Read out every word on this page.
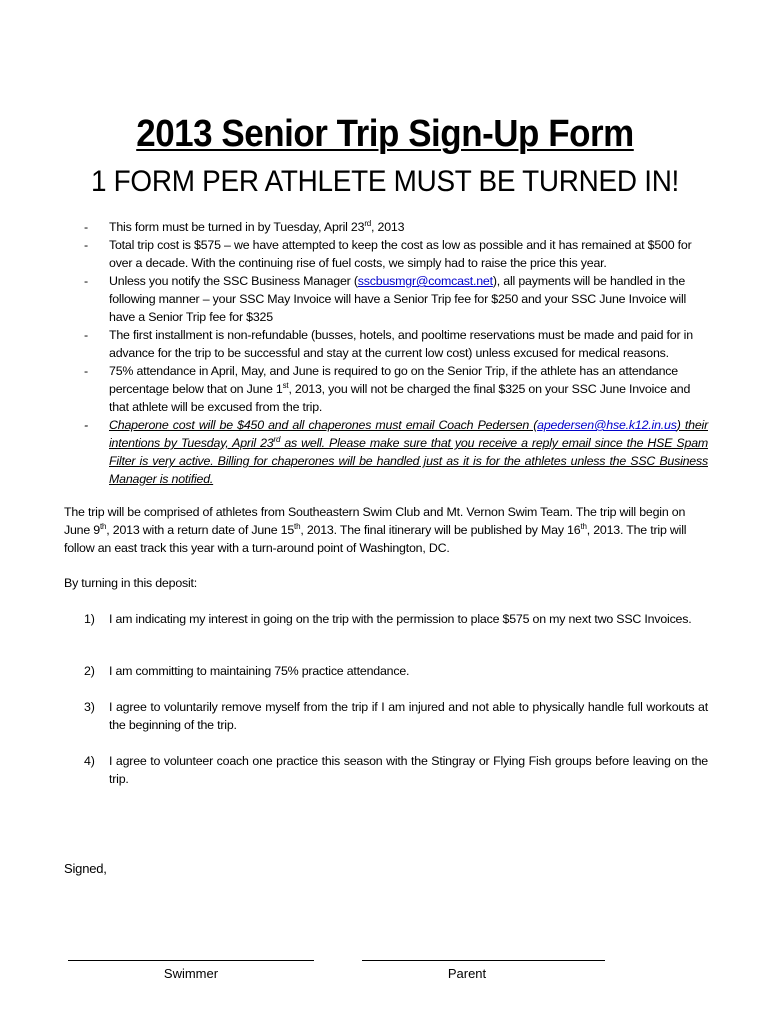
2013 Senior Trip Sign-Up Form
1 FORM PER ATHLETE MUST BE TURNED IN!
- This form must be turned in by Tuesday, April 23rd, 2013
- Total trip cost is $575 – we have attempted to keep the cost as low as possible and it has remained at $500 for over a decade. With the continuing rise of fuel costs, we simply had to raise the price this year.
- Unless you notify the SSC Business Manager (sscbusmgr@comcast.net), all payments will be handled in the following manner – your SSC May Invoice will have a Senior Trip fee for $250 and your SSC June Invoice will have a Senior Trip fee for $325
- The first installment is non-refundable (busses, hotels, and pooltime reservations must be made and paid for in advance for the trip to be successful and stay at the current low cost) unless excused for medical reasons.
- 75% attendance in April, May, and June is required to go on the Senior Trip, if the athlete has an attendance percentage below that on June 1st, 2013, you will not be charged the final $325 on your SSC June Invoice and that athlete will be excused from the trip.
- Chaperone cost will be $450 and all chaperones must email Coach Pedersen (apedersen@hse.k12.in.us) their intentions by Tuesday, April 23rd as well. Please make sure that you receive a reply email since the HSE Spam Filter is very active. Billing for chaperones will be handled just as it is for the athletes unless the SSC Business Manager is notified.

The trip will be comprised of athletes from Southeastern Swim Club and Mt. Vernon Swim Team. The trip will begin on June 9th, 2013 with a return date of June 15th, 2013. The final itinerary will be published by May 16th, 2013. The trip will follow an east track this year with a turn-around point of Washington, DC.

By turning in this deposit:

1)	I am indicating my interest in going on the trip with the permission to place $575 on my next two SSC Invoices.
2)	I am committing to maintaining 75% practice attendance.
3)	I agree to voluntarily remove myself from the trip if I am injured and not able to physically handle full workouts at the beginning of the trip.
4)	I agree to volunteer coach one practice this season with the Stingray or Flying Fish groups before leaving on the trip.

Signed,

Swimmer	Parent
